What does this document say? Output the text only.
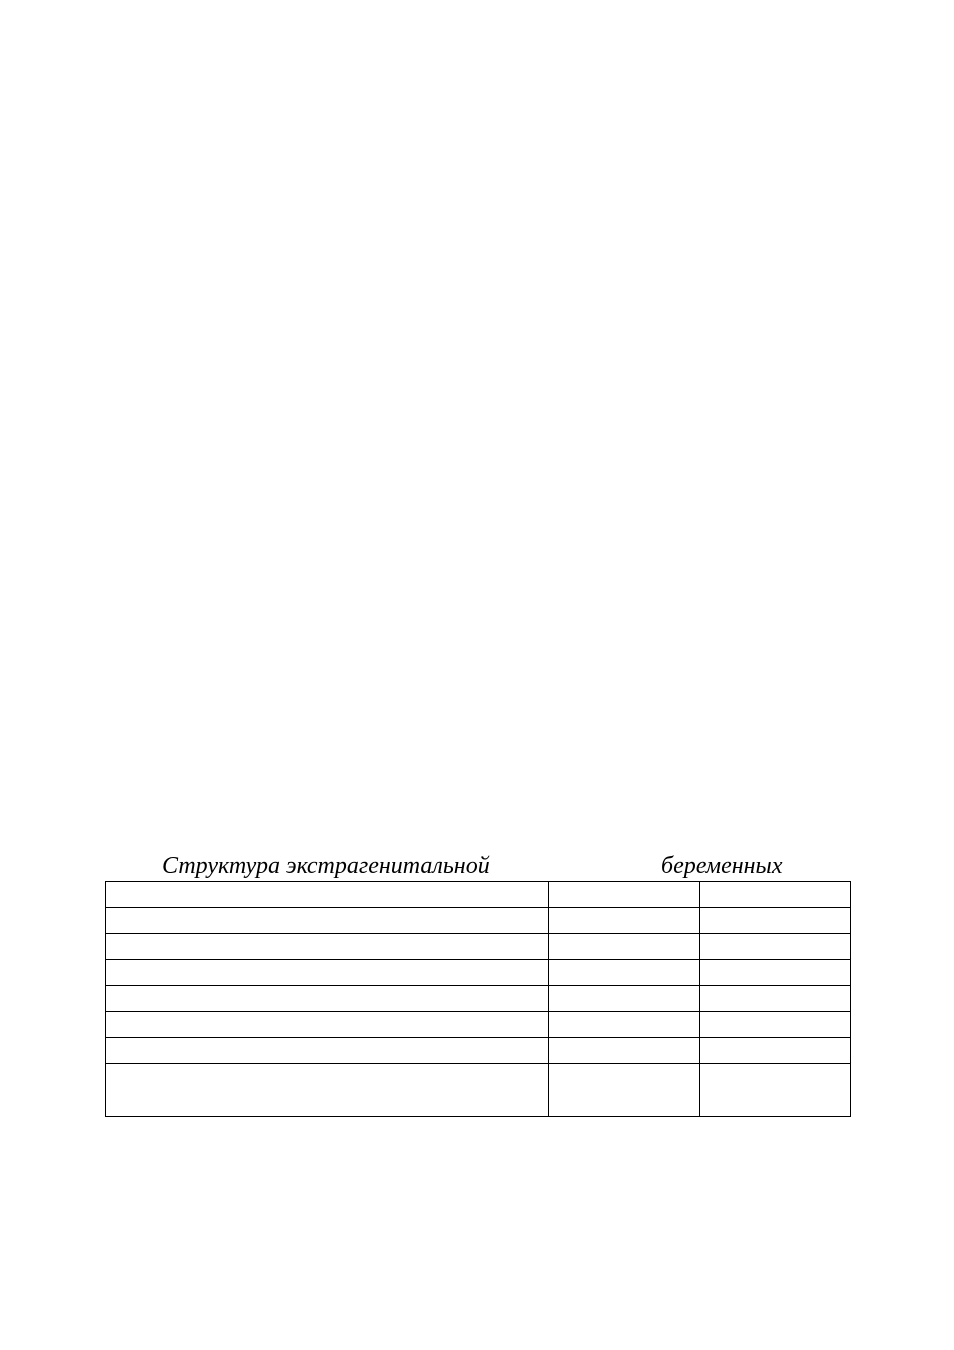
Структура экстрагенитальной	беременных
